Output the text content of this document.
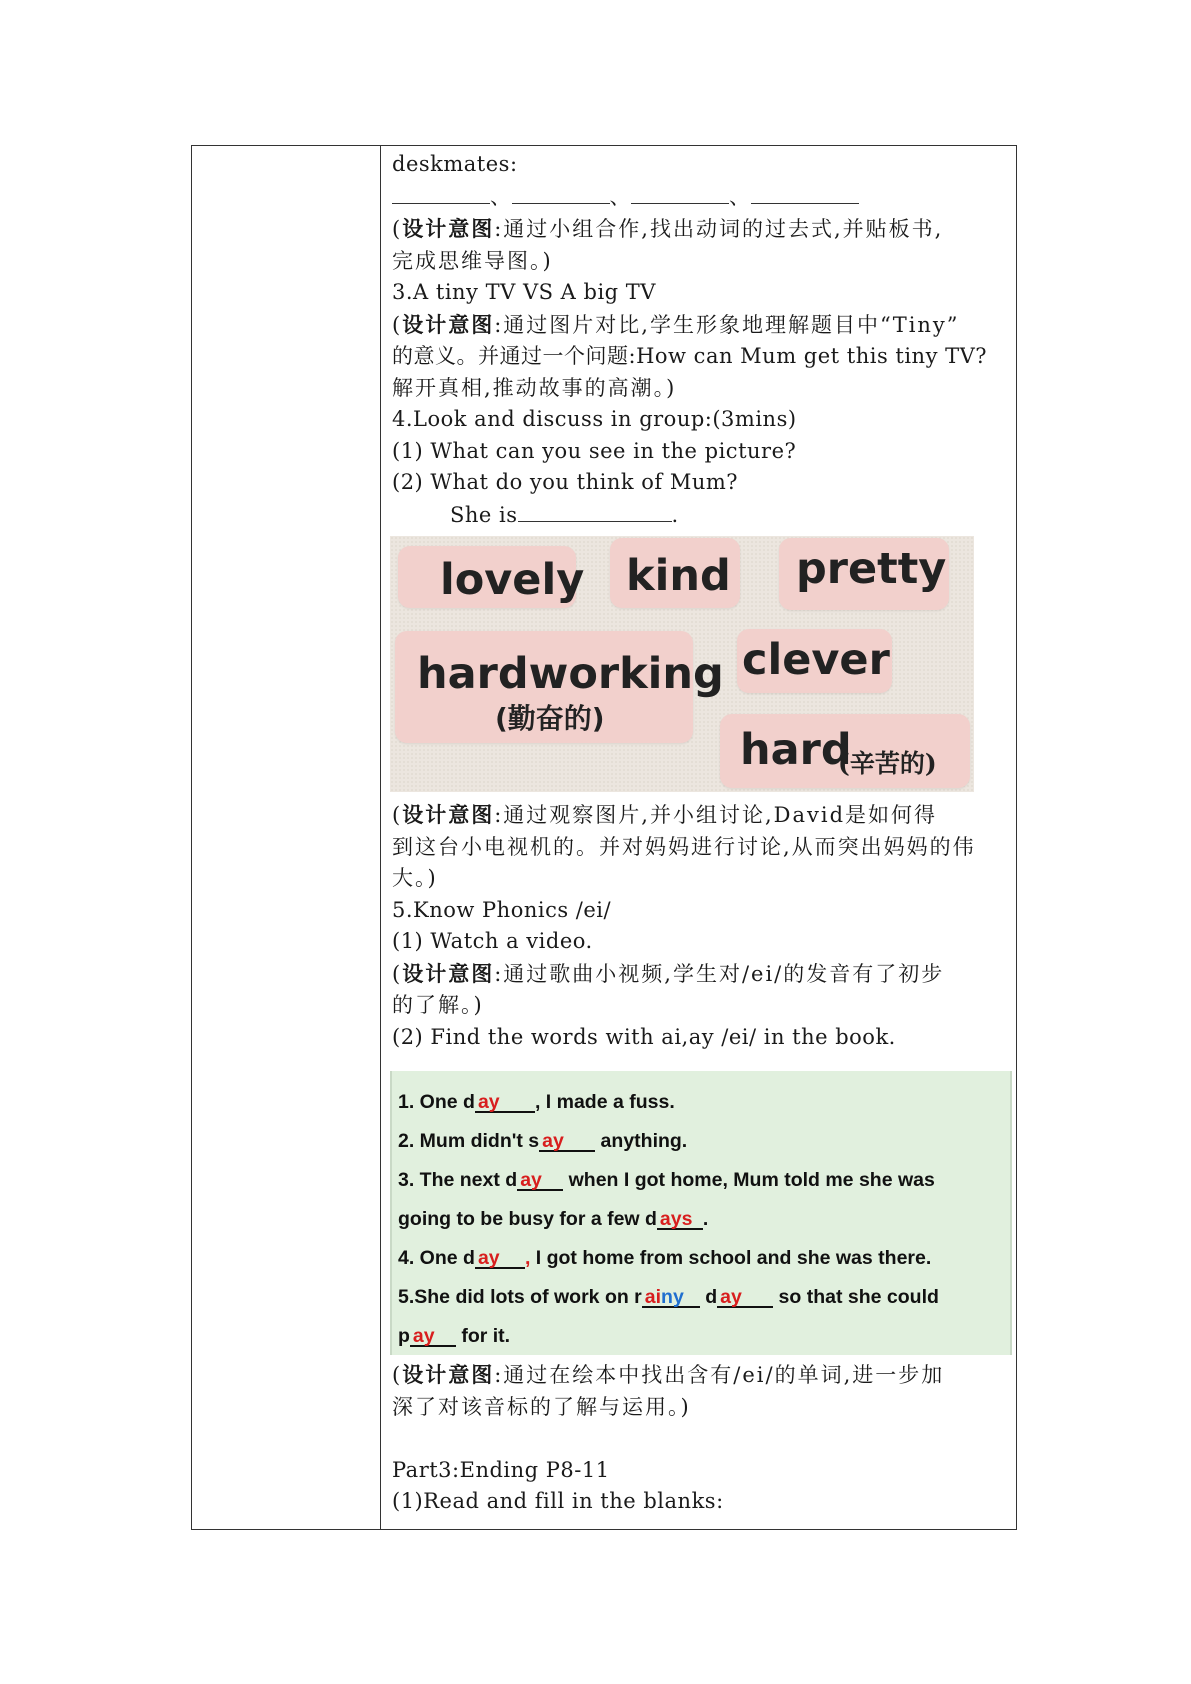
deskmates:
、	、	、
(设计意图:通过小组合作,找出动词的过去式,并贴板书,
完成思维导图。)
3.A tiny TV VS A big TV
(设计意图:通过图片对比,学生形象地理解题目中“Tiny”
的意义。并通过一个问题:How can Mum get this tiny TV?
解开真相,推动故事的高潮。)
4.Look and discuss in group:(3mins)
(1) What can you see in the picture?
(2) What do you think of Mum?
She is	.
lovely kind pretty
hardworking
(勤奋的)
clever
hard
(辛苦的)
(设计意图:通过观察图片,并小组讨论,David是如何得
到这台小电视机的。并对妈妈进行讨论,从而突出妈妈的伟
大。)
5.Know Phonics /ei/
(1) Watch a video.
(设计意图:通过歌曲小视频,学生对/ei/的发音有了初步
的了解。)
(2) Find the words with ai,ay /ei/ in the book.
1. One d ay , I made a fuss.
2. Mum didn't s ay anything.
3. The next d ay when I got home, Mum told me she was
going to be busy for a few d ays .
4. One d ay , I got home from school and she was there.
5.She did lots of work on r ainy d ay so that she could
p ay for it.
(设计意图:通过在绘本中找出含有/ei/的单词,进一步加
深了对该音标的了解与运用。)
Part3:Ending P8-11
(1)Read and fill in the blanks:
